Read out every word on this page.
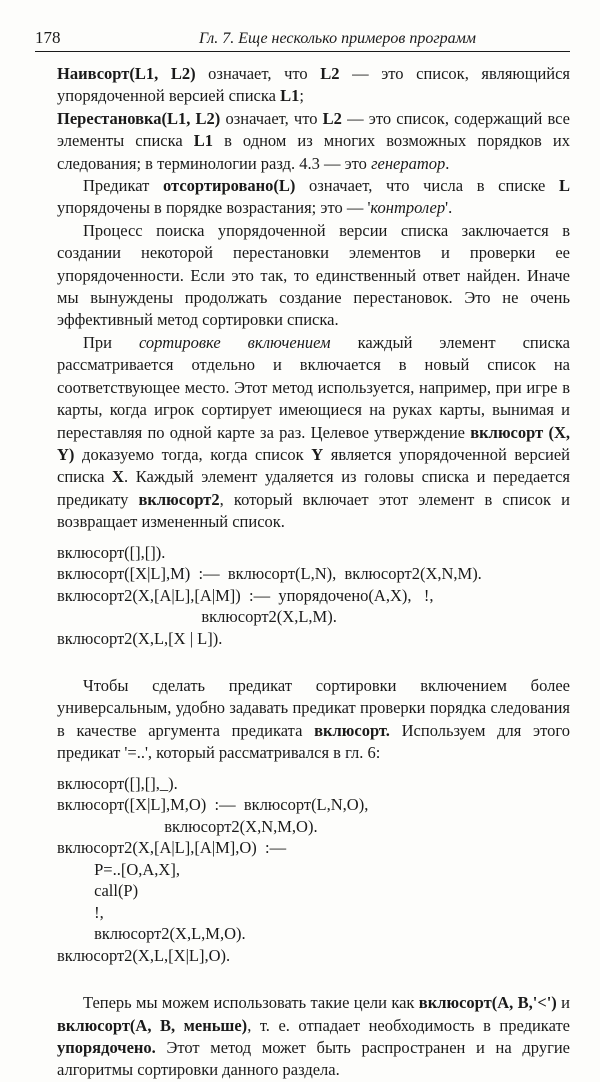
178	Гл. 7. Еще несколько примеров программ

Наивсорт(L1, L2) означает, что L2 — это список, являющийся упорядоченной версией списка L1;

Перестановка(L1, L2) означает, что L2 — это список, содержащий все элементы списка L1 в одном из многих возможных порядков их следования; в терминологии разд. 4.3 — это генератор.

Предикат отсортировано(L) означает, что числа в списке L упорядочены в порядке возрастания; это — 'контролер'.

Процесс поиска упорядоченной версии списка заключается в создании некоторой перестановки элементов и проверки ее упорядоченности. Если это так, то единственный ответ найден. Иначе мы вынуждены продолжать создание перестановок. Это не очень эффективный метод сортировки списка.

При сортировке включением каждый элемент списка рассматривается отдельно и включается в новый список на соответствующее место. Этот метод используется, например, при игре в карты, когда игрок сортирует имеющиеся на руках карты, вынимая и переставляя по одной карте за раз. Целевое утверждение вклюсорт (X, Y) доказуемо тогда, когда список Y является упорядоченной версией списка X. Каждый элемент удаляется из головы списка и передается предикату вклюсорт2, который включает этот элемент в список и возвращает измененный список.

вклюсорт([],[]).
вклюсорт([X|L],M)  :—  вклюсорт(L,N),  вклюсорт2(X,N,M).
вклюсорт2(X,[A|L],[A|M])  :—  упорядочено(A,X),   !,
вклюсорт2(X,L,M).
вклюсорт2(X,L,[X | L]).

Чтобы сделать предикат сортировки включением более универсальным, удобно задавать предикат проверки порядка следования в качестве аргумента предиката вклюсорт. Используем для этого предикат '=..', который рассматривался в гл. 6:

вклюсорт([],[],_).
вклюсорт([X|L],M,O)  :—  вклюсорт(L,N,O),
вклюсорт2(X,N,M,O).
вклюсорт2(X,[A|L],[A|M],O)  :—
P=..[O,A,X],
call(P)
!,
вклюсорт2(X,L,M,O).
вклюсорт2(X,L,[X|L],O).

Теперь мы можем использовать такие цели как вклюсорт(А, В,'<') и вклюсорт(А, В, меньше), т. е. отпадает необходимость в предикате упорядочено. Этот метод может быть распространен и на другие алгоритмы сортировки данного раздела.
